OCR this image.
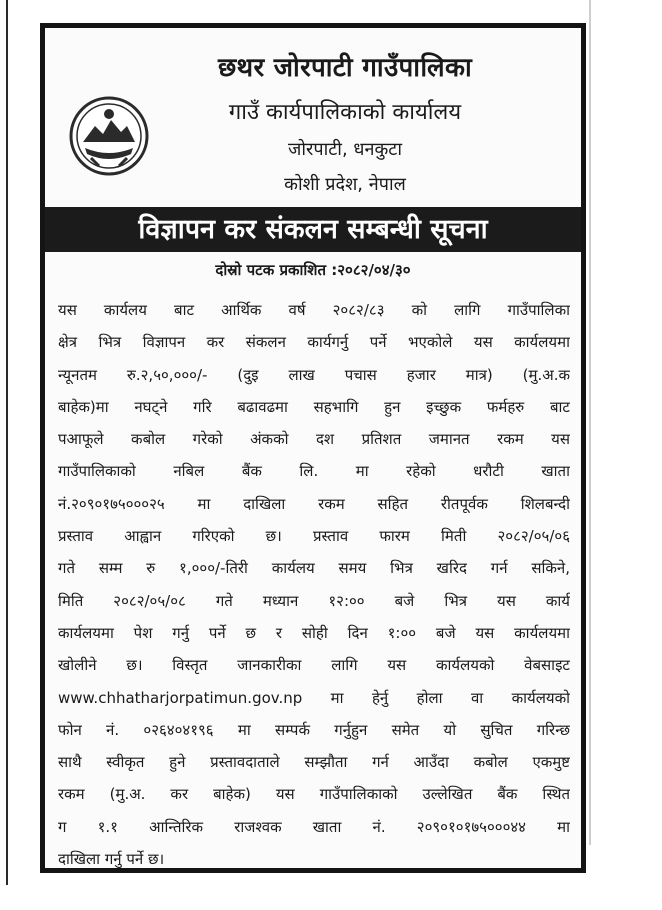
छथर जोरपाटी गाउँपालिका
गाउँ कार्यपालिकाको कार्यालय
जोरपाटी, धनकुटा
कोशी प्रदेश, नेपाल
विज्ञापन कर संकलन सम्बन्धी सूचना
दोस्रो पटक प्रकाशित :२०८२/०४/३०
यस कार्यलय बाट आर्थिक वर्ष २०८२/८३ को लागि गाउँपालिका
क्षेत्र भित्र विज्ञापन कर संकलन कार्यगर्नु पर्ने भएकोले यस कार्यलयमा
न्यूनतम रु.२,५०,०००/- (दुइ लाख पचास हजार मात्र) (मु.अ.क
बाहेक)मा नघट्ने गरि बढावढमा सहभागि हुन इच्छुक फर्महरु बाट
पआफूले कबोल गरेको अंकको दश प्रतिशत जमानत रकम यस
गाउँपालिकाको नबिल बैंक लि. मा रहेको धरौटी खाता
नं.२०९०१७५०००२५ मा दाखिला रकम सहित रीतपूर्वक शिलबन्दी
प्रस्ताव आह्वान गरिएको छ। प्रस्ताव फारम मिती २०८२/०५/०६
गते सम्म रु १,०००/-तिरी कार्यलय समय भित्र खरिद गर्न सकिने,
मिति २०८२/०५/०८ गते मध्यान १२:०० बजे भित्र यस कार्य
कार्यलयमा पेश गर्नु पर्ने छ र सोही दिन १:०० बजे यस कार्यलयमा
खोलीने छ। विस्तृत जानकारीका लागि यस कार्यलयको वेबसाइट
www.chhatharjorpatimun.gov.np मा हेर्नु होला वा कार्यलयको
फोन नं. ०२६४०४१९६ मा सम्पर्क गर्नुहुन समेत यो सुचित गरिन्छ
साथै स्वीकृत हुने प्रस्तावदाताले सम्झौता गर्न आउँदा कबोल एकमुष्ट
रकम (मु.अ. कर बाहेक) यस गाउँपालिकाको उल्लेखित बैंक स्थित
ग १.१ आन्तिरिक राजश्वक खाता नं. २०९०१०१७५०००४४ मा
दाखिला गर्नु पर्ने छ।
